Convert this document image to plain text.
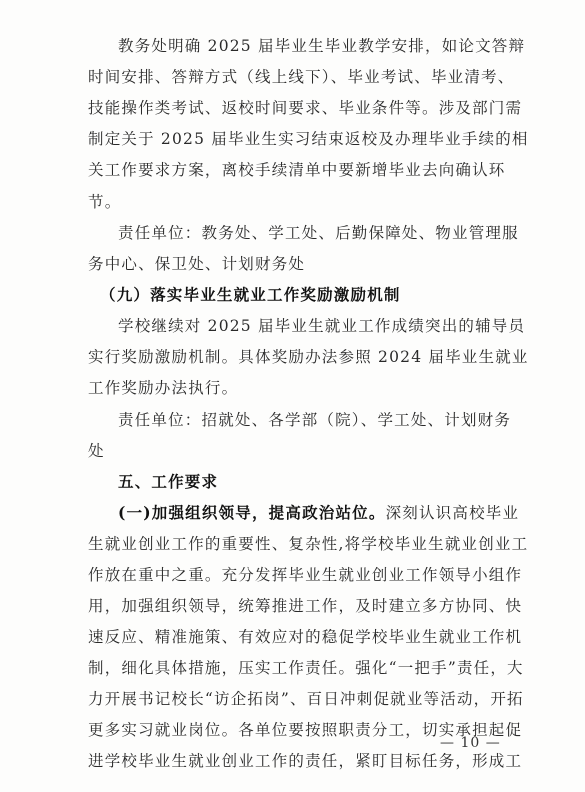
教务处明确 2025 届毕业生毕业教学安排，如论文答辩
时间安排、答辩方式（线上线下）、毕业考试、毕业清考、
技能操作类考试、返校时间要求、毕业条件等。涉及部门需
制定关于 2025 届毕业生实习结束返校及办理毕业手续的相
关工作要求方案，离校手续清单中要新增毕业去向确认环
节。
责任单位：教务处、学工处、后勤保障处、物业管理服
务中心、保卫处、计划财务处
（九）落实毕业生就业工作奖励激励机制
学校继续对 2025 届毕业生就业工作成绩突出的辅导员
实行奖励激励机制。具体奖励办法参照 2024 届毕业生就业
工作奖励办法执行。
责任单位：招就处、各学部（院）、学工处、计划财务
处
五、工作要求
(一)加强组织领导，提高政治站位。深刻认识高校毕业
生就业创业工作的重要性、复杂性,将学校毕业生就业创业工
作放在重中之重。充分发挥毕业生就业创业工作领导小组作
用，加强组织领导，统筹推进工作，及时建立多方协同、快
速反应、精准施策、有效应对的稳促学校毕业生就业工作机
制，细化具体措施，压实工作责任。强化“一把手”责任，大
力开展书记校长“访企拓岗”、百日冲刺促就业等活动，开拓
更多实习就业岗位。各单位要按照职责分工，切实承担起促
进学校毕业生就业创业工作的责任，紧盯目标任务，形成工
— 10 —
